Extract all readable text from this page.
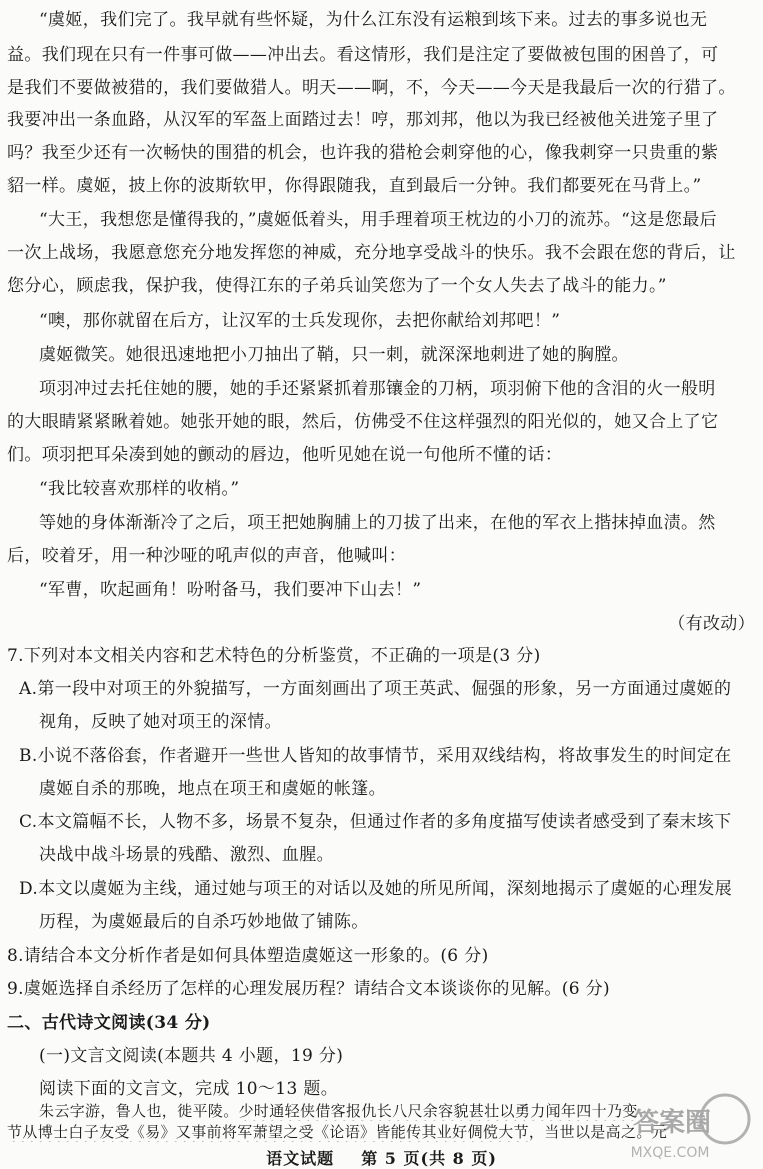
“虞姬，我们完了。我早就有些怀疑，为什么江东没有运粮到垓下来。过去的事多说也无

益。我们现在只有一件事可做——冲出去。看这情形，我们是注定了要做被包围的困兽了，可

是我们不要做被猎的，我们要做猎人。明天——啊，不，今天——今天是我最后一次的行猎了。

我要冲出一条血路，从汉军的军盔上面踏过去！哼，那刘邦，他以为我已经被他关进笼子里了

吗？我至少还有一次畅快的围猎的机会，也许我的猎枪会刺穿他的心，像我刺穿一只贵重的紫

貂一样。虞姬，披上你的波斯软甲，你得跟随我，直到最后一分钟。我们都要死在马背上。”

“大王，我想您是懂得我的，”虞姬低着头，用手理着项王枕边的小刀的流苏。“这是您最后

一次上战场，我愿意您充分地发挥您的神威，充分地享受战斗的快乐。我不会跟在您的背后，让

您分心，顾虑我，保护我，使得江东的子弟兵讪笑您为了一个女人失去了战斗的能力。”

“噢，那你就留在后方，让汉军的士兵发现你，去把你献给刘邦吧！”

虞姬微笑。她很迅速地把小刀抽出了鞘，只一刺，就深深地刺进了她的胸膛。

项羽冲过去托住她的腰，她的手还紧紧抓着那镶金的刀柄，项羽俯下他的含泪的火一般明

的大眼睛紧紧瞅着她。她张开她的眼，然后，仿佛受不住这样强烈的阳光似的，她又合上了它

们。项羽把耳朵凑到她的颤动的唇边，他听见她在说一句他所不懂的话：

“我比较喜欢那样的收梢。”

等她的身体渐渐冷了之后，项王把她胸脯上的刀拔了出来，在他的军衣上揩抹掉血渍。然

后，咬着牙，用一种沙哑的吼声似的声音，他喊叫：

“军曹，吹起画角！吩咐备马，我们要冲下山去！”

（有改动）

7.下列对本文相关内容和艺术特色的分析鉴赏，不正确的一项是(3 分)

A.第一段中对项王的外貌描写，一方面刻画出了项王英武、倔强的形象，另一方面通过虞姬的

视角，反映了她对项王的深情。

B.小说不落俗套，作者避开一些世人皆知的故事情节，采用双线结构，将故事发生的时间定在

虞姬自杀的那晚，地点在项王和虞姬的帐篷。

C.本文篇幅不长，人物不多，场景不复杂，但通过作者的多角度描写使读者感受到了秦末垓下

决战中战斗场景的残酷、激烈、血腥。

D.本文以虞姬为主线，通过她与项王的对话以及她的所见所闻，深刻地揭示了虞姬的心理发展

历程，为虞姬最后的自杀巧妙地做了铺陈。

8.请结合本文分析作者是如何具体塑造虞姬这一形象的。(6 分)

9.虞姬选择自杀经历了怎样的心理发展历程？请结合文本谈谈你的见解。(6 分)

二、古代诗文阅读(34 分)

(一)文言文阅读(本题共 4 小题，19 分)

阅读下面的文言文，完成 10～13 题。

朱云字游，鲁人也，徙平陵。少时通轻侠借客报仇长八尺余容貌甚壮以勇力闻年四十乃变

节从博士白子友受《易》又事前将军萧望之受《论语》皆能传其业好倜傥大节，当世以是高之。元

语文试题 第 5 页(共 8 页)
答案圈
MXQE.COM
